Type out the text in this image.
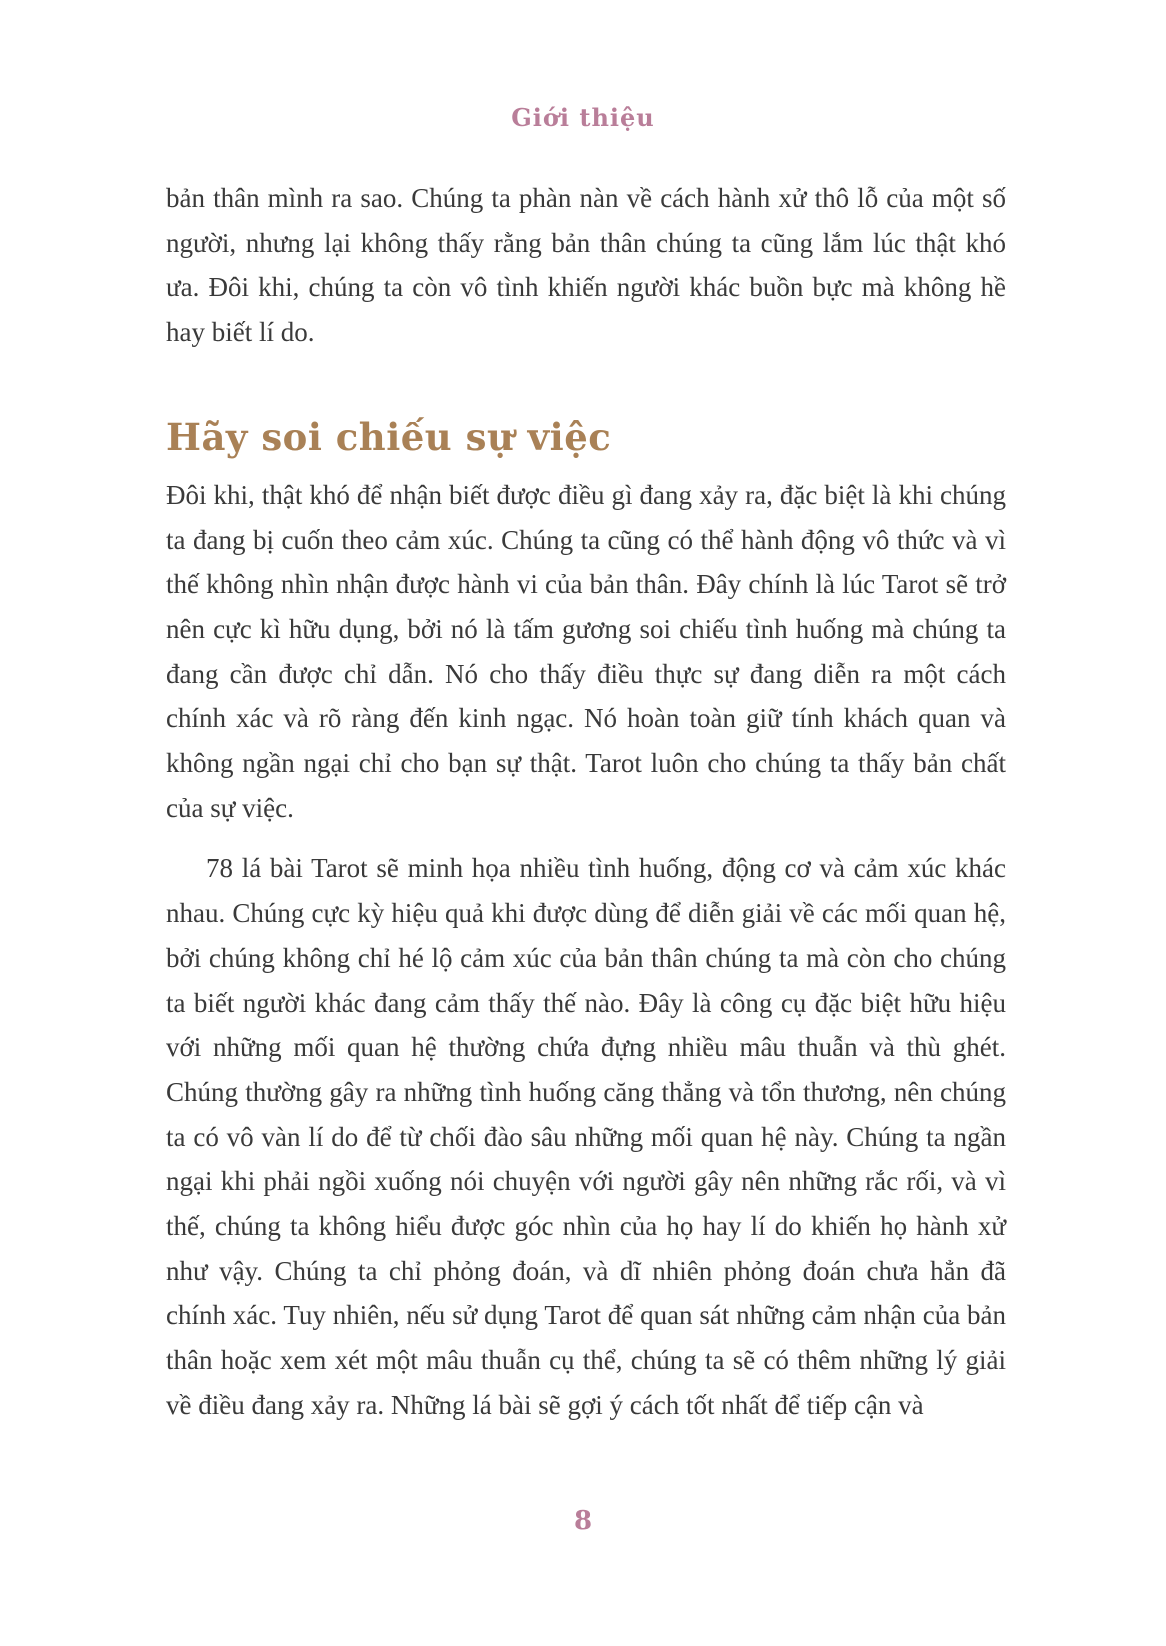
Giới thiệu

bản thân mình ra sao. Chúng ta phàn nàn về cách hành xử thô lỗ của một số người, nhưng lại không thấy rằng bản thân chúng ta cũng lắm lúc thật khó ưa. Đôi khi, chúng ta còn vô tình khiến người khác buồn bực mà không hề hay biết lí do.

Hãy soi chiếu sự việc

Đôi khi, thật khó để nhận biết được điều gì đang xảy ra, đặc biệt là khi chúng ta đang bị cuốn theo cảm xúc. Chúng ta cũng có thể hành động vô thức và vì thế không nhìn nhận được hành vi của bản thân. Đây chính là lúc Tarot sẽ trở nên cực kì hữu dụng, bởi nó là tấm gương soi chiếu tình huống mà chúng ta đang cần được chỉ dẫn. Nó cho thấy điều thực sự đang diễn ra một cách chính xác và rõ ràng đến kinh ngạc. Nó hoàn toàn giữ tính khách quan và không ngần ngại chỉ cho bạn sự thật. Tarot luôn cho chúng ta thấy bản chất của sự việc.

78 lá bài Tarot sẽ minh họa nhiều tình huống, động cơ và cảm xúc khác nhau. Chúng cực kỳ hiệu quả khi được dùng để diễn giải về các mối quan hệ, bởi chúng không chỉ hé lộ cảm xúc của bản thân chúng ta mà còn cho chúng ta biết người khác đang cảm thấy thế nào. Đây là công cụ đặc biệt hữu hiệu với những mối quan hệ thường chứa đựng nhiều mâu thuẫn và thù ghét. Chúng thường gây ra những tình huống căng thẳng và tổn thương, nên chúng ta có vô vàn lí do để từ chối đào sâu những mối quan hệ này. Chúng ta ngần ngại khi phải ngồi xuống nói chuyện với người gây nên những rắc rối, và vì thế, chúng ta không hiểu được góc nhìn của họ hay lí do khiến họ hành xử như vậy. Chúng ta chỉ phỏng đoán, và dĩ nhiên phỏng đoán chưa hẳn đã chính xác. Tuy nhiên, nếu sử dụng Tarot để quan sát những cảm nhận của bản thân hoặc xem xét một mâu thuẫn cụ thể, chúng ta sẽ có thêm những lý giải về điều đang xảy ra. Những lá bài sẽ gợi ý cách tốt nhất để tiếp cận và

8
